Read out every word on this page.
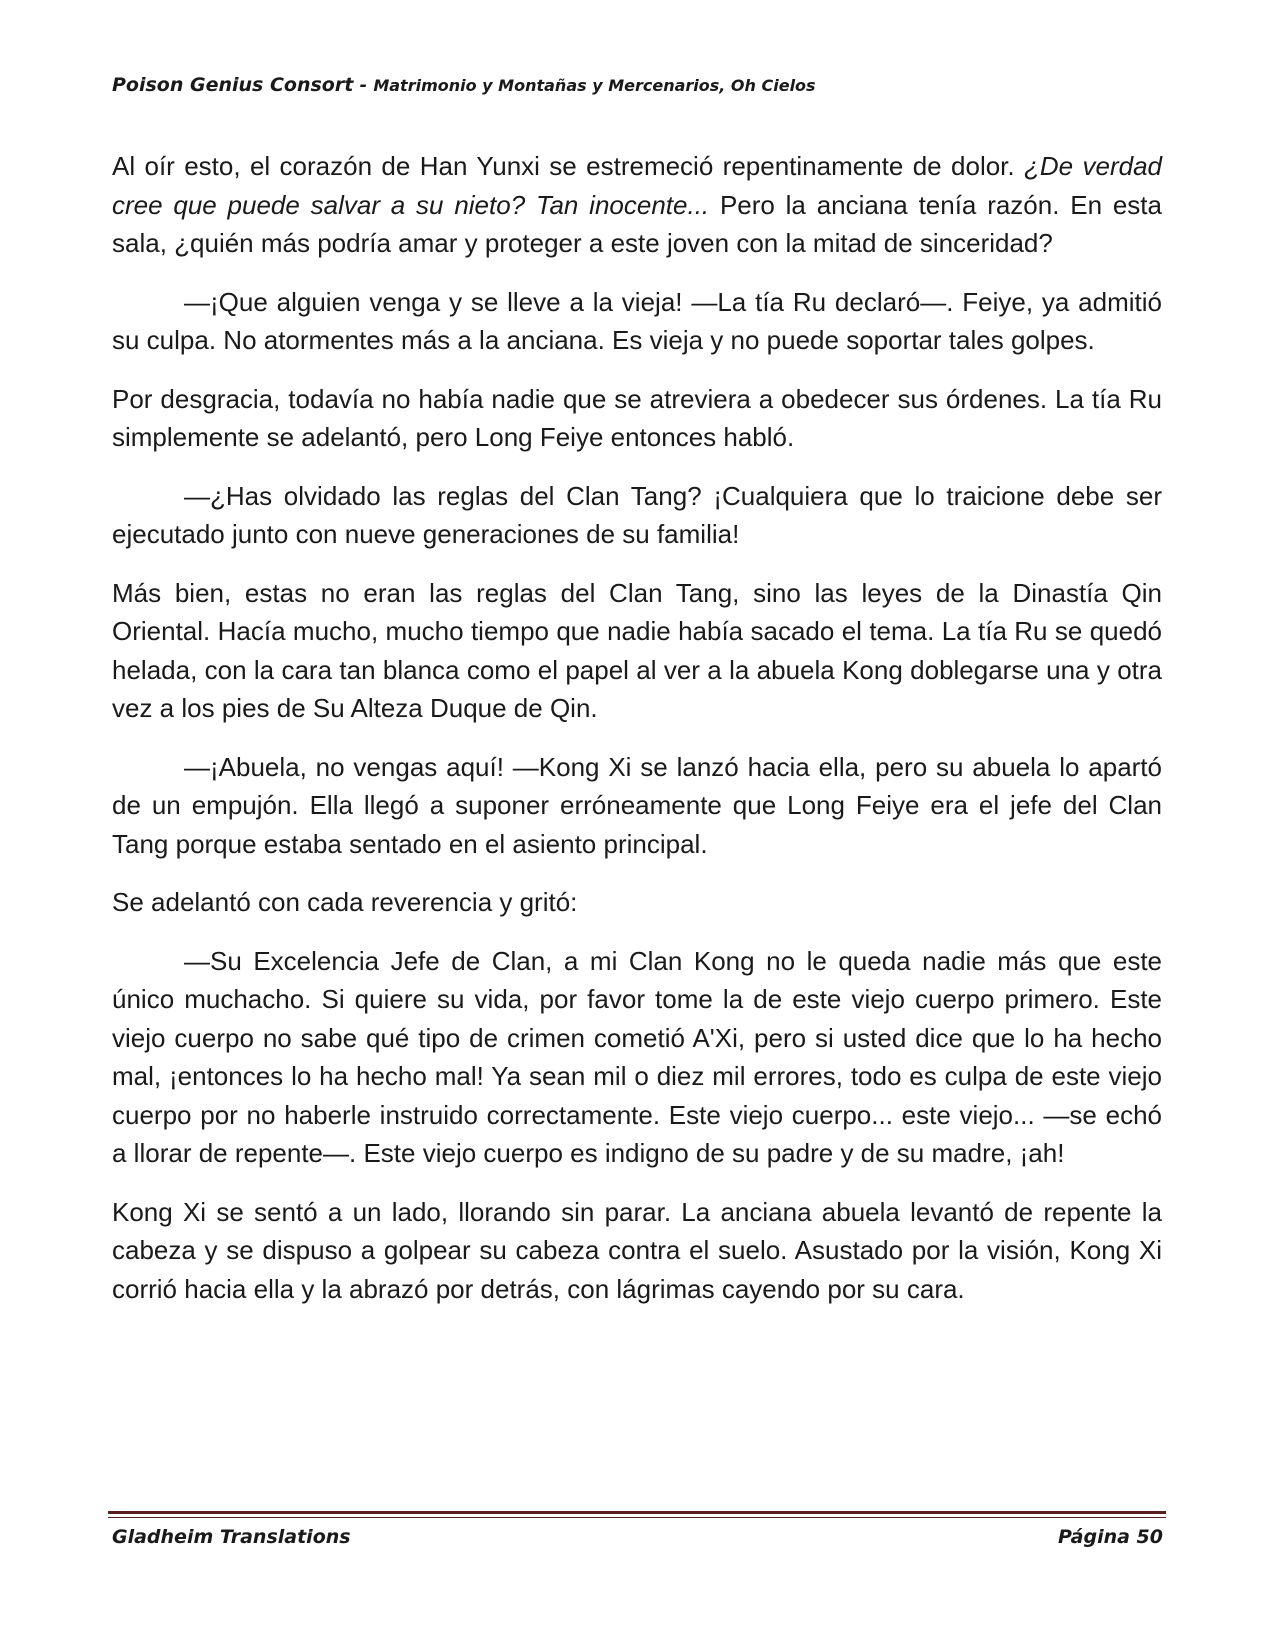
Poison Genius Consort - Matrimonio y Montañas y Mercenarios, Oh Cielos

Al oír esto, el corazón de Han Yunxi se estremeció repentinamente de dolor. ¿De verdad cree que puede salvar a su nieto? Tan inocente... Pero la anciana tenía razón. En esta sala, ¿quién más podría amar y proteger a este joven con la mitad de sinceridad?

—¡Que alguien venga y se lleve a la vieja! —La tía Ru declaró—. Feiye, ya admitió su culpa. No atormentes más a la anciana. Es vieja y no puede soportar tales golpes.

Por desgracia, todavía no había nadie que se atreviera a obedecer sus órdenes. La tía Ru simplemente se adelantó, pero Long Feiye entonces habló.

—¿Has olvidado las reglas del Clan Tang? ¡Cualquiera que lo traicione debe ser ejecutado junto con nueve generaciones de su familia!

Más bien, estas no eran las reglas del Clan Tang, sino las leyes de la Dinastía Qin Oriental. Hacía mucho, mucho tiempo que nadie había sacado el tema. La tía Ru se quedó helada, con la cara tan blanca como el papel al ver a la abuela Kong doblegarse una y otra vez a los pies de Su Alteza Duque de Qin.

—¡Abuela, no vengas aquí! —Kong Xi se lanzó hacia ella, pero su abuela lo apartó de un empujón. Ella llegó a suponer erróneamente que Long Feiye era el jefe del Clan Tang porque estaba sentado en el asiento principal.

Se adelantó con cada reverencia y gritó:

—Su Excelencia Jefe de Clan, a mi Clan Kong no le queda nadie más que este único muchacho. Si quiere su vida, por favor tome la de este viejo cuerpo primero. Este viejo cuerpo no sabe qué tipo de crimen cometió A'Xi, pero si usted dice que lo ha hecho mal, ¡entonces lo ha hecho mal! Ya sean mil o diez mil errores, todo es culpa de este viejo cuerpo por no haberle instruido correctamente. Este viejo cuerpo... este viejo... —se echó a llorar de repente—. Este viejo cuerpo es indigno de su padre y de su madre, ¡ah!

Kong Xi se sentó a un lado, llorando sin parar. La anciana abuela levantó de repente la cabeza y se dispuso a golpear su cabeza contra el suelo. Asustado por la visión, Kong Xi corrió hacia ella y la abrazó por detrás, con lágrimas cayendo por su cara.

Gladheim Translations	Página 50
